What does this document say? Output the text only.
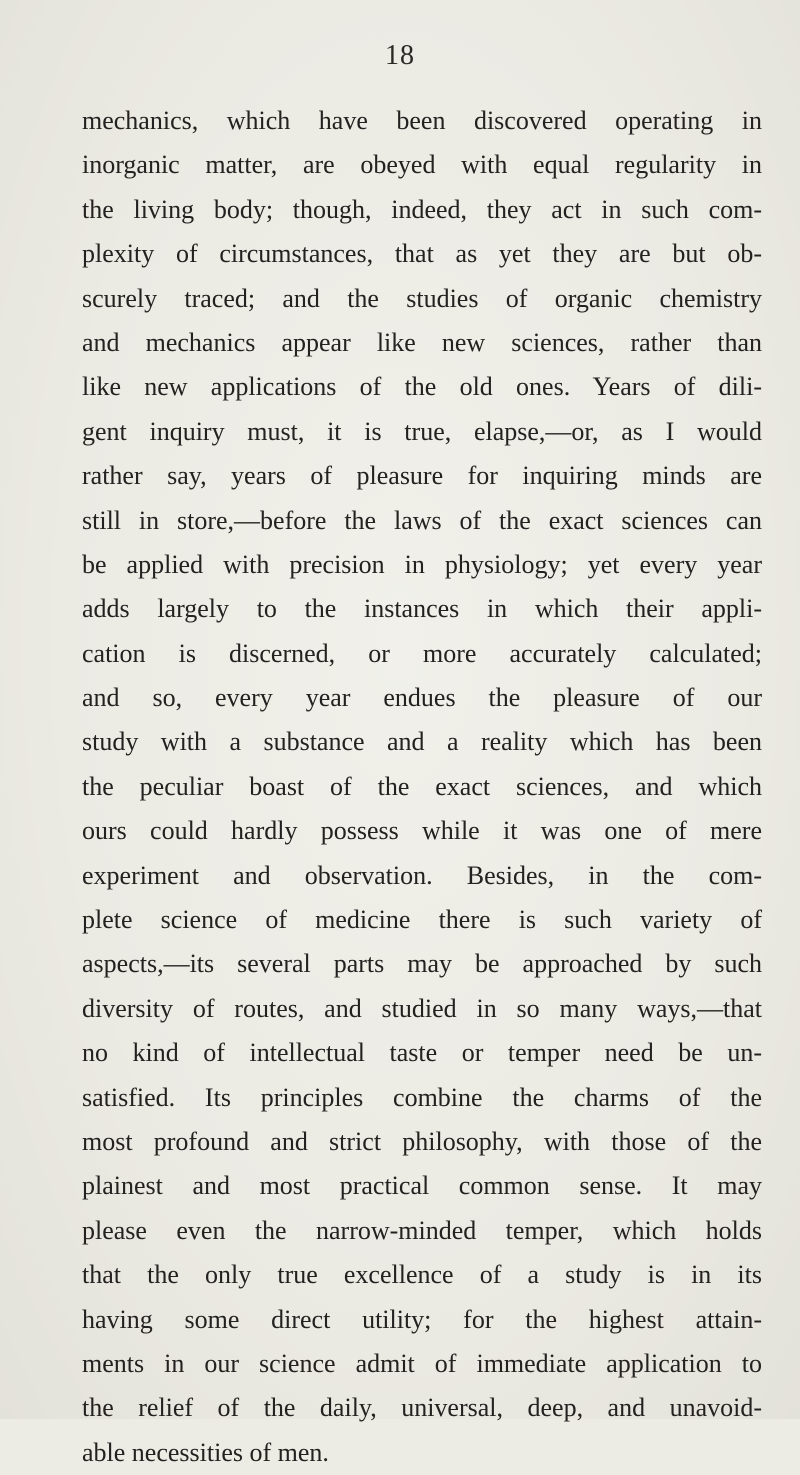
18
mechanics, which have been discovered operating in
inorganic matter, are obeyed with equal regularity in
the living body; though, indeed, they act in such com-
plexity of circumstances, that as yet they are but ob-
scurely traced; and the studies of organic chemistry
and mechanics appear like new sciences, rather than
like new applications of the old ones. Years of dili-
gent inquiry must, it is true, elapse,—or, as I would
rather say, years of pleasure for inquiring minds are
still in store,—before the laws of the exact sciences can
be applied with precision in physiology; yet every year
adds largely to the instances in which their appli-
cation is discerned, or more accurately calculated;
and so, every year endues the pleasure of our
study with a substance and a reality which has been
the peculiar boast of the exact sciences, and which
ours could hardly possess while it was one of mere
experiment and observation. Besides, in the com-
plete science of medicine there is such variety of
aspects,—its several parts may be approached by such
diversity of routes, and studied in so many ways,—that
no kind of intellectual taste or temper need be un-
satisfied. Its principles combine the charms of the
most profound and strict philosophy, with those of the
plainest and most practical common sense. It may
please even the narrow-minded temper, which holds
that the only true excellence of a study is in its
having some direct utility; for the highest attain-
ments in our science admit of immediate application to
the relief of the daily, universal, deep, and unavoid-
able necessities of men.
